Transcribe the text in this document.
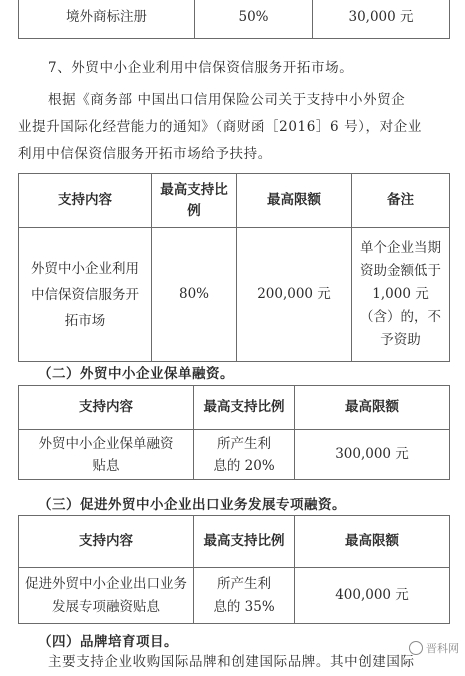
境外商标注册	50%	30,000 元

7、外贸中小企业利用中信保资信服务开拓市场。

根据《商务部 中国出口信用保险公司关于支持中小外贸企

业提升国际化经营能力的通知》（商财函［2016］6 号），对企业

利用中信保资信服务开拓市场给予扶持。

支持内容	最高支持比例	最高限额	备注
外贸中小企业利用中信保资信服务开拓市场	80%	200,000 元	单个企业当期资助金额低于 1,000 元（含）的，不予资助

（二）外贸中小企业保单融资。

支持内容	最高支持比例	最高限额
外贸中小企业保单融资贴息	所产生利息的 20%	300,000 元

（三）促进外贸中小企业出口业务发展专项融资。

支持内容	最高支持比例	最高限额
促进外贸中小企业出口业务发展专项融资贴息	所产生利息的 35%	400,000 元

（四）品牌培育项目。

主要支持企业收购国际品牌和创建国际品牌。其中创建国际

晋科网
